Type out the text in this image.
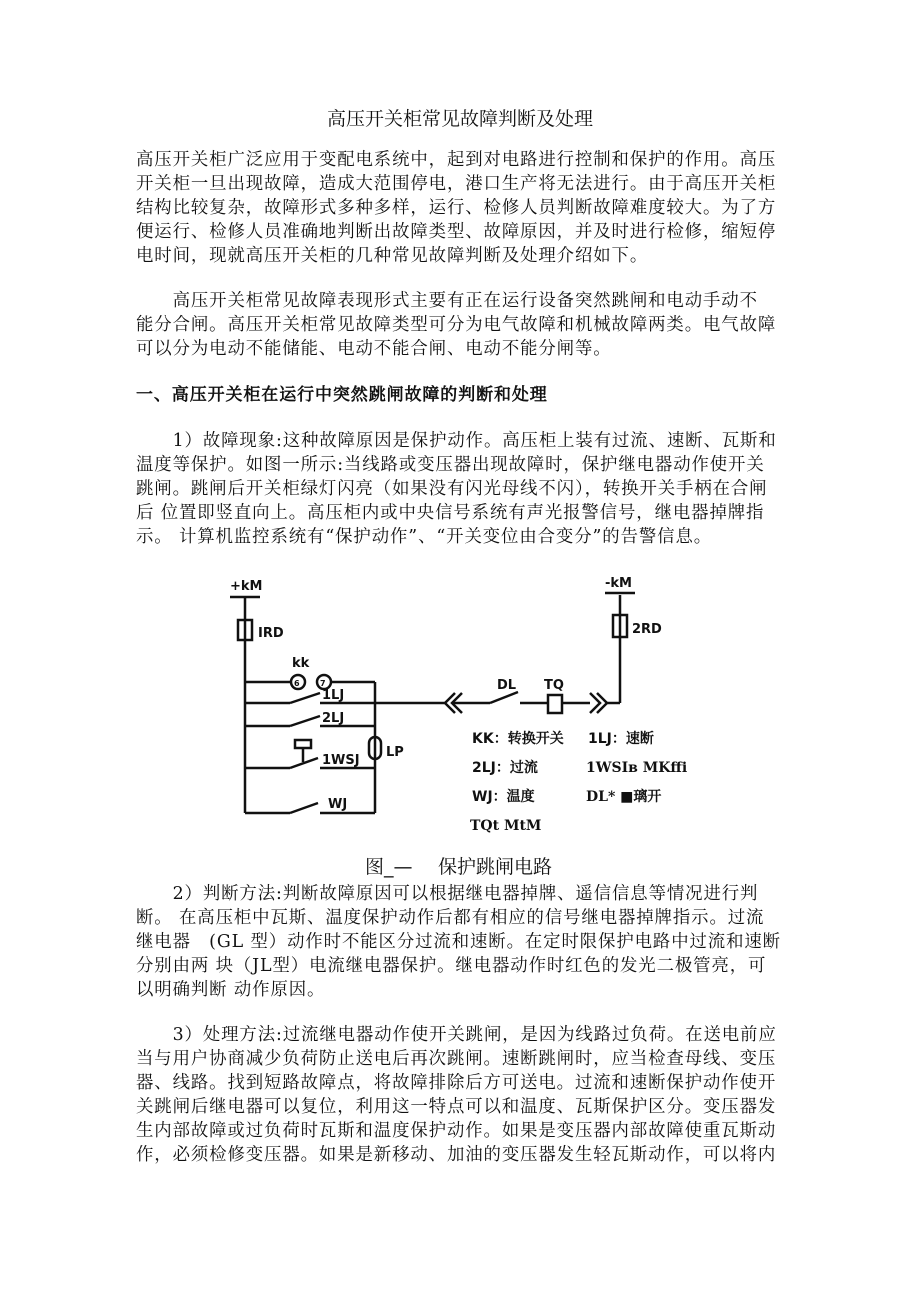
高压开关柜常见故障判断及处理
高压开关柜广泛应用于变配电系统中，起到对电路进行控制和保护的作用。高压
开关柜一旦出现故障，造成大范围停电，港口生产将无法进行。由于高压开关柜
结构比较复杂，故障形式多种多样，运行、检修人员判断故障难度较大。为了方
便运行、检修人员准确地判断出故障类型、故障原因，并及时进行检修，缩短停
电时间，现就高压开关柜的几种常见故障判断及处理介绍如下。
　　高压开关柜常见故障表现形式主要有正在运行设备突然跳闸和电动手动不
能分合闸。高压开关柜常见故障类型可分为电气故障和机械故障两类。电气故障
可以分为电动不能储能、电动不能合闸、电动不能分闸等。
一、高压开关柜在运行中突然跳闸故障的判断和处理
　　1）故障现象:这种故障原因是保护动作。高压柜上装有过流、速断、瓦斯和
温度等保护。如图一所示:当线路或变压器出现故障时，保护继电器动作使开关
跳闸。跳闸后开关柜绿灯闪亮（如果没有闪光母线不闪），转换开关手柄在合闸
后 位置即竖直向上。高压柜内或中央信号系统有声光报警信号，继电器掉牌指
示。 计算机监控系统有“保护动作”、“开关变位由合变分”的告警信息。
+kM	-kM
IRD	2RD
kk
6	7
1LJ
2LJ
1WSJ
WJ
LP
DL TQ
KK：转换开关 1LJ：速断
2LJ：过流	1WSIʙ MKffi
WJ：温度	DL* ■璃开
TQt MtM
图_— 保护跳闸电路
　　2）判断方法:判断故障原因可以根据继电器掉牌、遥信信息等情况进行判
断。 在高压柜中瓦斯、温度保护动作后都有相应的信号继电器掉牌指示。过流
继电器　(GL 型）动作时不能区分过流和速断。在定时限保护电路中过流和速断
分别由两 块（JL型）电流继电器保护。继电器动作时红色的发光二极管亮，可
以明确判断 动作原因。
　　3）处理方法:过流继电器动作使开关跳闸，是因为线路过负荷。在送电前应
当与用户协商减少负荷防止送电后再次跳闸。速断跳闸时，应当检查母线、变压
器、线路。找到短路故障点，将故障排除后方可送电。过流和速断保护动作使开
关跳闸后继电器可以复位，利用这一特点可以和温度、瓦斯保护区分。变压器发
生内部故障或过负荷时瓦斯和温度保护动作。如果是变压器内部故障使重瓦斯动
作，必须检修变压器。如果是新移动、加油的变压器发生轻瓦斯动作，可以将内
